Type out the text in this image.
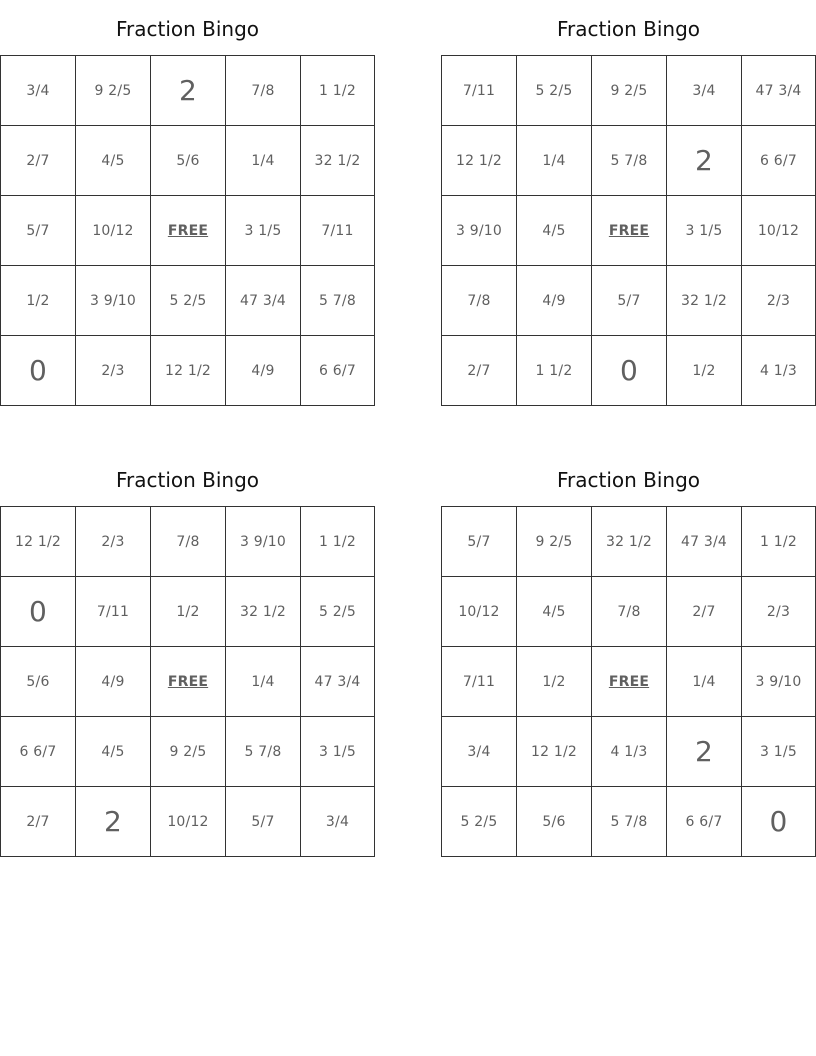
Fraction Bingo
3/4	9 2/5	2	7/8	1 1/2
2/7	4/5	5/6	1/4	32 1/2
5/7	10/12	FREE	3 1/5	7/11
1/2	3 9/10	5 2/5	47 3/4	5 7/8
0	2/3	12 1/2	4/9	6 6/7
Fraction Bingo
7/11	5 2/5	9 2/5	3/4	47 3/4
12 1/2	1/4	5 7/8	2	6 6/7
3 9/10	4/5	FREE	3 1/5	10/12
7/8	4/9	5/7	32 1/2	2/3
2/7	1 1/2	0	1/2	4 1/3
Fraction Bingo
12 1/2	2/3	7/8	3 9/10	1 1/2
0	7/11	1/2	32 1/2	5 2/5
5/6	4/9	FREE	1/4	47 3/4
6 6/7	4/5	9 2/5	5 7/8	3 1/5
2/7	2	10/12	5/7	3/4
Fraction Bingo
5/7	9 2/5	32 1/2	47 3/4	1 1/2
10/12	4/5	7/8	2/7	2/3
7/11	1/2	FREE	1/4	3 9/10
3/4	12 1/2	4 1/3	2	3 1/5
5 2/5	5/6	5 7/8	6 6/7	0
